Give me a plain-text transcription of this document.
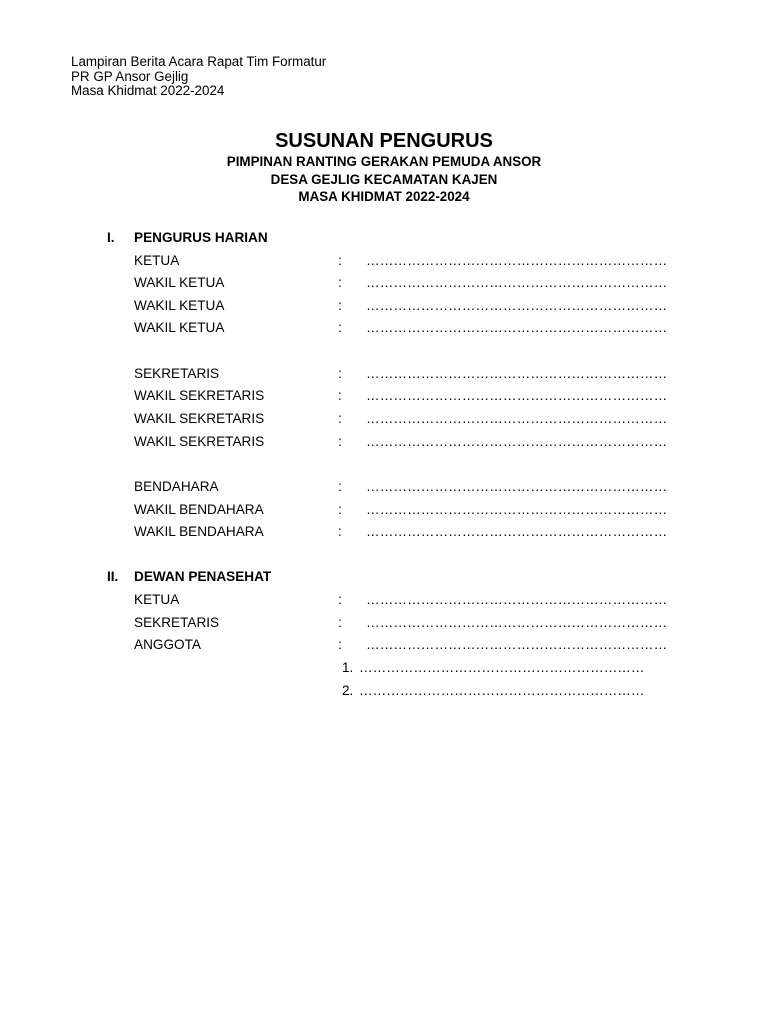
Lampiran Berita Acara Rapat Tim Formatur
PR GP Ansor Gejlig
Masa Khidmat 2022-2024
SUSUNAN PENGURUS
PIMPINAN RANTING GERAKAN PEMUDA ANSOR
DESA GEJLIG KECAMATAN KAJEN
MASA KHIDMAT 2022-2024
I. PENGURUS HARIAN
KETUA	: …………………………………………………………
WAKIL KETUA	: …………………………………………………………
WAKIL KETUA	: …………………………………………………………
WAKIL KETUA	: …………………………………………………………
SEKRETARIS	: …………………………………………………………
WAKIL SEKRETARIS	: …………………………………………………………
WAKIL SEKRETARIS	: …………………………………………………………
WAKIL SEKRETARIS	: …………………………………………………………
BENDAHARA	: …………………………………………………………
WAKIL BENDAHARA	: …………………………………………………………
WAKIL BENDAHARA	: …………………………………………………………
II. DEWAN PENASEHAT
KETUA	: …………………………………………………………
SEKRETARIS	: …………………………………………………………
ANGGOTA	: …………………………………………………………
1. ………………………………………………………
2. ………………………………………………………
